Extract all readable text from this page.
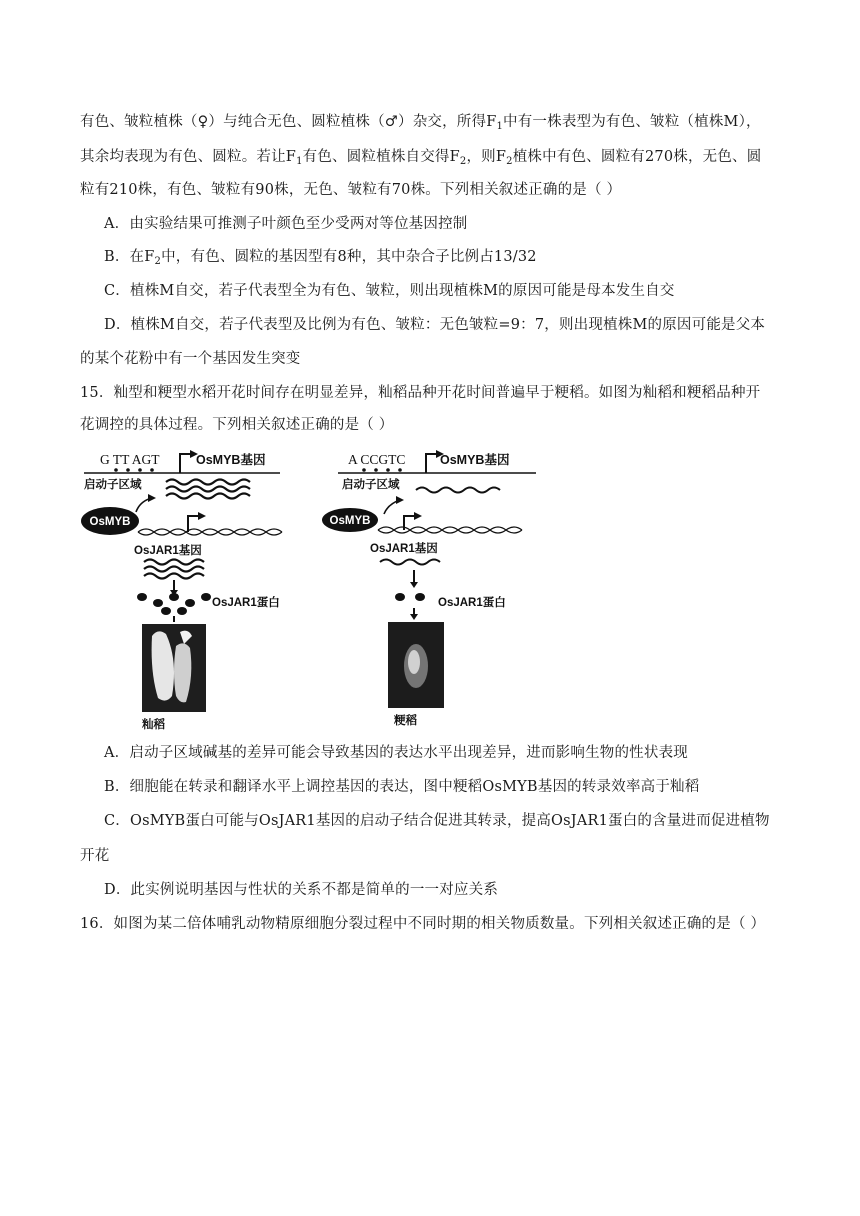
有色、皱粒植株（♀）与纯合无色、圆粒植株（♂）杂交，所得$F_1$中有一株表型为有色、皱粒（植株M），
其余均表现为有色、圆粒。若让$F_1$有色、圆粒植株自交得$F_2$，则$F_2$植株中有色、圆粒有270株，无色、圆
粒有210株，有色、皱粒有90株，无色、皱粒有70株。下列相关叙述正确的是（ ）
A．由实验结果可推测子叶颜色至少受两对等位基因控制
B．在$F_2$中，有色、圆粒的基因型有8种，其中杂合子比例占13/32
C．植株M自交，若子代表型全为有色、皱粒，则出现植株M的原因可能是母本发生自交
D．植株M自交，若子代表型及比例为有色、皱粒：无色皱粒=9：7，则出现植株M的原因可能是父本
的某个花粉中有一个基因发生突变
15．籼型和粳型水稻开花时间存在明显差异，籼稻品种开花时间普遍早于粳稻。如图为籼稻和粳稻品种开
花调控的具体过程。下列相关叙述正确的是（ ）
G TT AGT	OsMYB基因
启动子区域
OsMYB
OsJAR1基因
OsJAR1蛋白
籼稻
A CCGTC	OsMYB基因
启动子区域
OsMYB
OsJAR1基因
OsJAR1蛋白
粳稻
A．启动子区域碱基的差异可能会导致基因的表达水平出现差异，进而影响生物的性状表现
B．细胞能在转录和翻译水平上调控基因的表达，图中粳稻OsMYB基因的转录效率高于籼稻
C．OsMYB蛋白可能与OsJAR1基因的启动子结合促进其转录，提高OsJAR1蛋白的含量进而促进植物
开花
D．此实例说明基因与性状的关系不都是简单的一一对应关系
16．如图为某二倍体哺乳动物精原细胞分裂过程中不同时期的相关物质数量。下列相关叙述正确的是（ ）
